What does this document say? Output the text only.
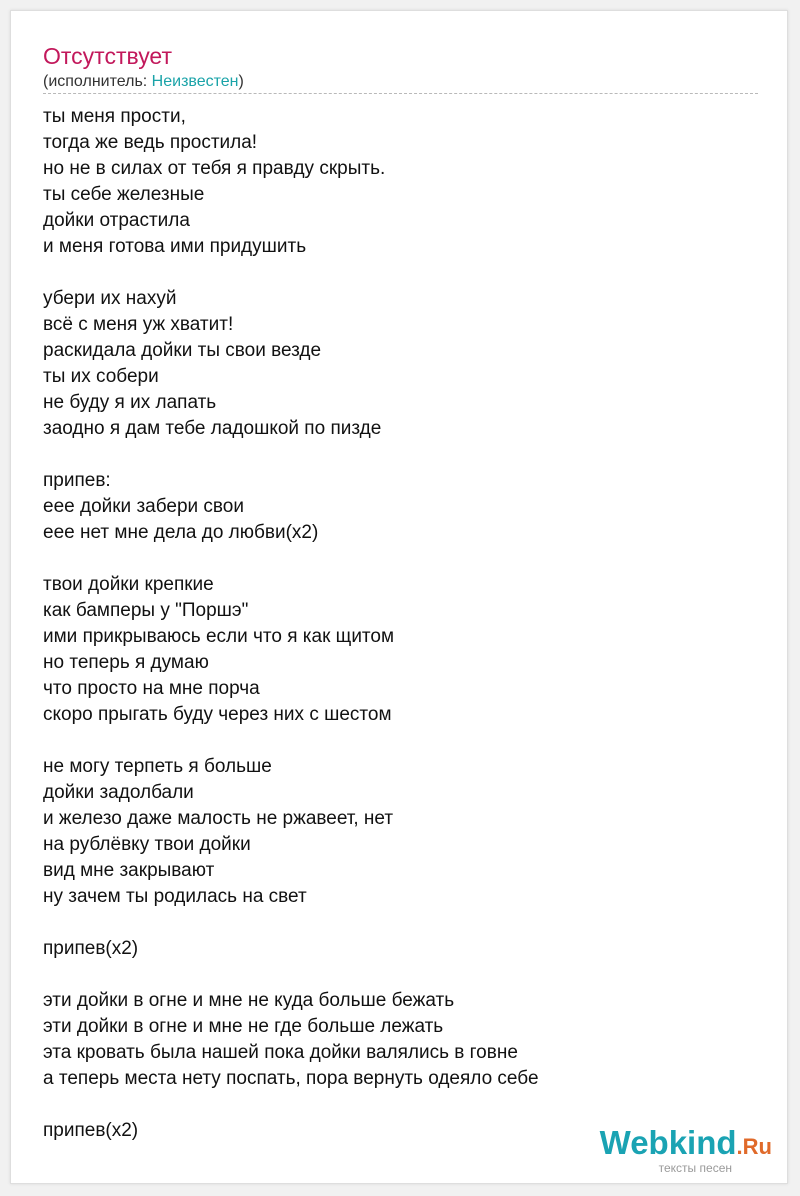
Отсутствует
(исполнитель: Неизвестен)
ты меня прости,
тогда же ведь простила!
но не в силах от тебя я правду скрыть.
ты себе железные
дойки отрастила
и меня готова ими придушить
убери их нахуй
всё с меня уж хватит!
раскидала дойки ты свои везде
ты их собери
не буду я их лапать
заодно я дам тебе ладошкой по пизде
припев:
еее дойки забери свои
еее нет мне дела до любви(х2)
твои дойки крепкие
как бамперы у "Поршэ"
ими прикрываюсь если что я как щитом
но теперь я думаю
что просто на мне порча
скоро прыгать буду через них с шестом
не могу терпеть я больше
дойки задолбали
и железо даже малость не ржавеет, нет
на рублёвку твои дойки
вид мне закрывают
ну зачем ты родилась на свет
припев(х2)
эти дойки в огне и мне не куда больше бежать
эти дойки в огне и мне не где больше лежать
эта кровать была нашей пока дойки валялись в говне
а теперь места нету поспать, пора вернуть одеяло себе
припев(х2)	Webkind.Ru
тексты песен
